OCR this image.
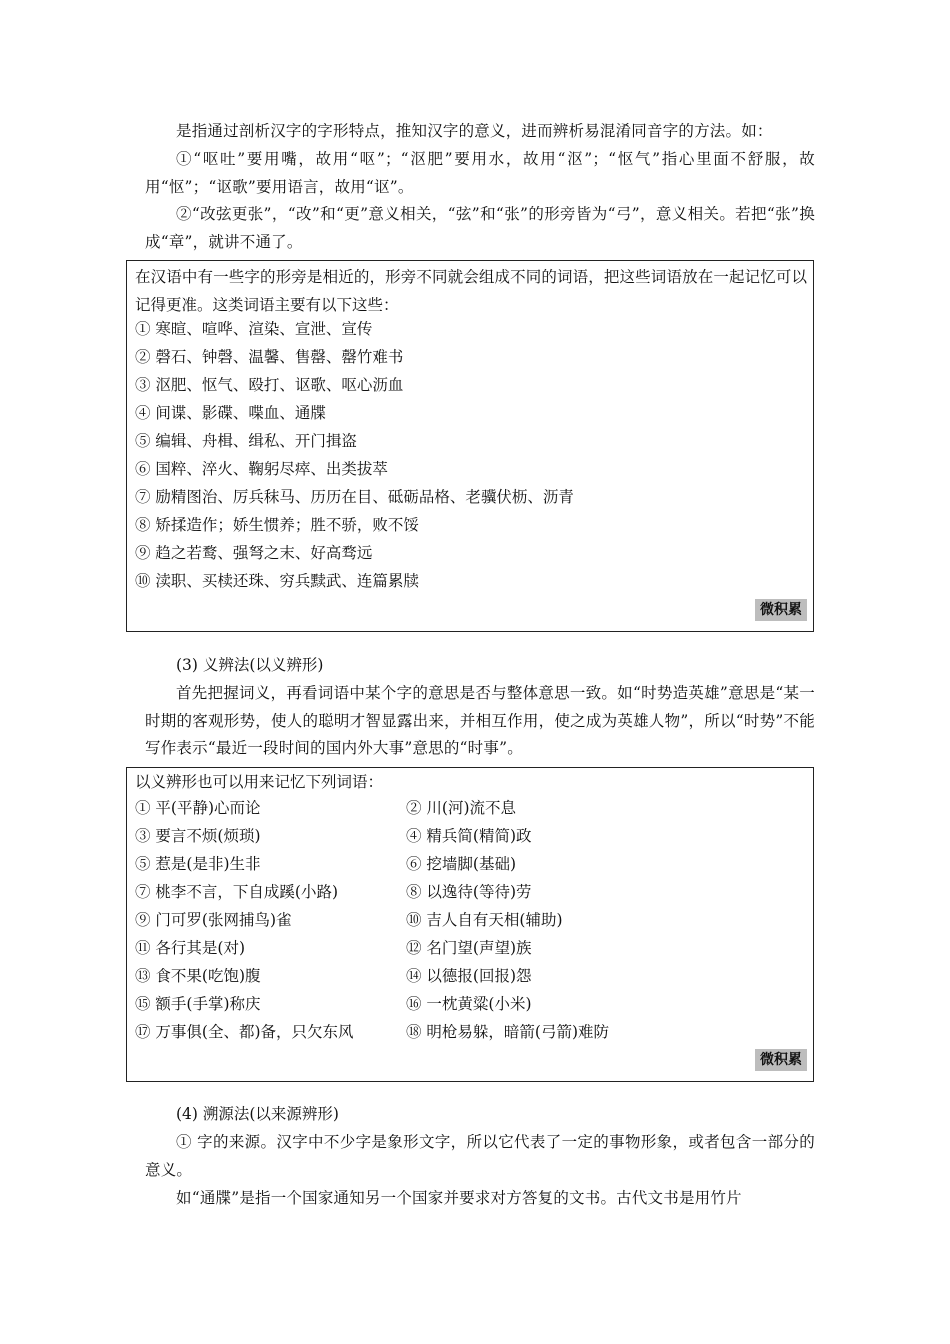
是指通过剖析汉字的字形特点，推知汉字的意义，进而辨析易混淆同音字的方法。如：
①“呕吐”要用嘴，故用“呕”；“沤肥”要用水，故用“沤”；“怄气”指心里面不舒服，故用“怄”；“讴歌”要用语言，故用“讴”。
②“改弦更张”，“改”和“更”意义相关，“弦”和“张”的形旁皆为“弓”，意义相关。若把“张”换成“章”，就讲不通了。
在汉语中有一些字的形旁是相近的，形旁不同就会组成不同的词语，把这些词语放在一起记忆可以记得更准。这类词语主要有以下这些：
① 寒暄、喧哗、渲染、宣泄、宣传
② 磬石、钟磬、温馨、售罄、罄竹难书
③ 沤肥、怄气、殴打、讴歌、呕心沥血
④ 间谍、影碟、喋血、通牒
⑤ 编辑、舟楫、缉私、开门揖盗
⑥ 国粹、淬火、鞠躬尽瘁、出类拔萃
⑦ 励精图治、厉兵秣马、历历在目、砥砺品格、老骥伏枥、沥青
⑧ 矫揉造作；娇生惯养；胜不骄，败不馁
⑨ 趋之若鹜、强弩之末、好高骛远
⑩ 渎职、买椟还珠、穷兵黩武、连篇累牍
微积累
(3) 义辨法(以义辨形)
首先把握词义，再看词语中某个字的意思是否与整体意思一致。如“时势造英雄”意思是“某一时期的客观形势，使人的聪明才智显露出来，并相互作用，使之成为英雄人物”，所以“时势”不能写作表示“最近一段时间的国内外大事”意思的“时事”。
以义辨形也可以用来记忆下列词语：
① 平(平静)心而论	② 川(河)流不息
③ 要言不烦(烦琐)	④ 精兵简(精简)政
⑤ 惹是(是非)生非	⑥ 挖墙脚(基础)
⑦ 桃李不言，下自成蹊(小路)	⑧ 以逸待(等待)劳
⑨ 门可罗(张网捕鸟)雀	⑩ 吉人自有天相(辅助)
⑪ 各行其是(对)	⑫ 名门望(声望)族
⑬ 食不果(吃饱)腹	⑭ 以德报(回报)怨
⑮ 额手(手掌)称庆	⑯ 一枕黄粱(小米)
⑰ 万事俱(全、都)备，只欠东风	⑱ 明枪易躲，暗箭(弓箭)难防
微积累
(4) 溯源法(以来源辨形)
① 字的来源。汉字中不少字是象形文字，所以它代表了一定的事物形象，或者包含一部分的意义。
如“通牒”是指一个国家通知另一个国家并要求对方答复的文书。古代文书是用竹片
